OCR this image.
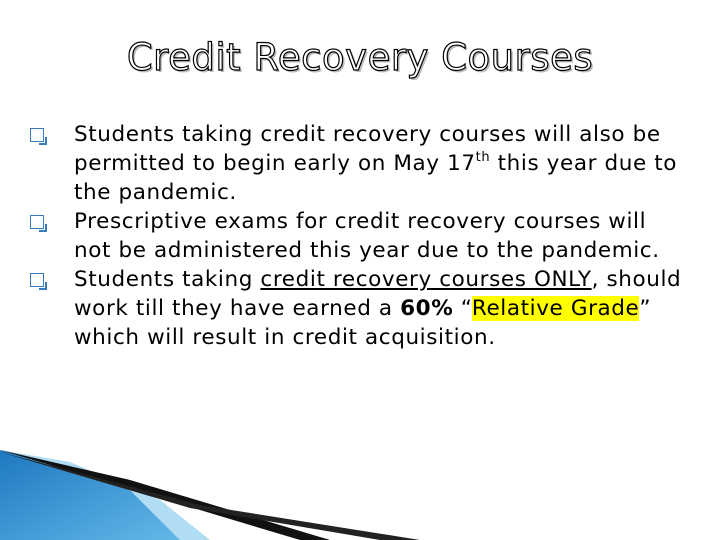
Credit Recovery Courses
Students taking credit recovery courses will also be permitted to begin early on May 17th this year due to the pandemic.
Prescriptive exams for credit recovery courses will not be administered this year due to the pandemic.
Students taking credit recovery courses ONLY, should work till they have earned a 60% “Relative Grade” which will result in credit acquisition.
